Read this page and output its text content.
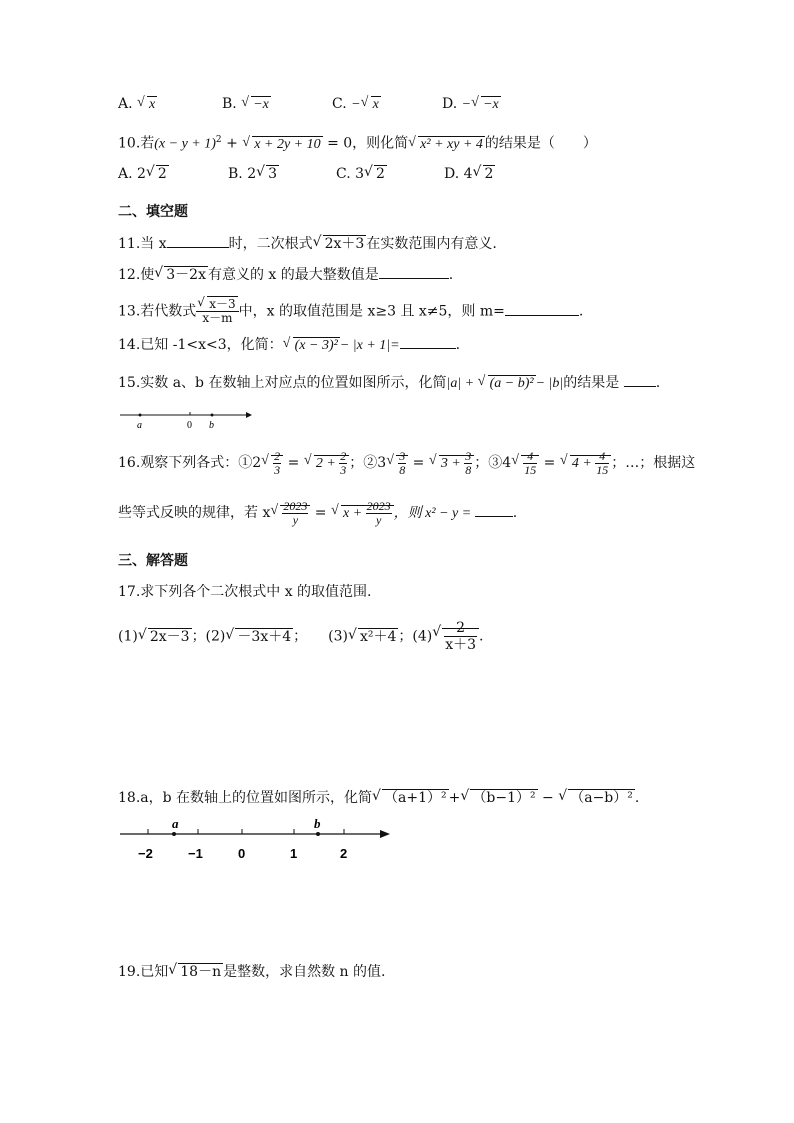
A. √ x	B. √ −x	C. − √ x	D. − √ −x
10.若$(x - y + 1)^2$ + √ x + 2y + 10 = 0，则化简 √ x² + xy + 4 的结果是（　　）
A. 2 √ 2	B. 2 √ 3	C. 3 √ 2	D. 4 √ 2
二、填空题
11.当 x	时，二次根式 √ 2x＋3 在实数范围内有意义.
12.使 √ 3－2x 有意义的 x 的最大整数值是	.
13.若代数式 √ $\frac{x-3}{x-m}$ 中，x 的取值范围是 x≥3 且 x≠5，则 m=	.
14.已知 -1<x<3，化简： √ (x − 3)² − |x + 1|=	.
15.实数 a、b 在数轴上对应点的位置如图所示，化简|a| + √ (a − b)² − |b|的结果是	.
a	0 b
16.观察下列各式：①2 √ $\frac{2}{3}$ = √ $2 + \frac{2}{3}$ ；②3 √ $\frac{3}{8}$ = √ $3 + \frac{3}{8}$ ；③4 √ $\frac{4}{15}$ = √ $4 + \frac{4}{15}$ ；…；根据这
些等式反映的规律，若 x √ $\frac{2023}{y}$ = √ $x + \frac{2023}{y}$ ，则 x² − y =	.
三、解答题
17.求下列各个二次根式中 x 的取值范围.
(1) √ 2x－3 ；(2) √ －3x＋4 ；　　(3) √ x²＋4 ；(4) √ $\frac{2}{x+3}$ .
18.a，b 在数轴上的位置如图所示，化简 √ （a+1）² + √ （b−1）² − √ （a−b）² .
a	b
−2	−1	0	1	2
19.已知 √ 18－n 是整数，求自然数 n 的值.
